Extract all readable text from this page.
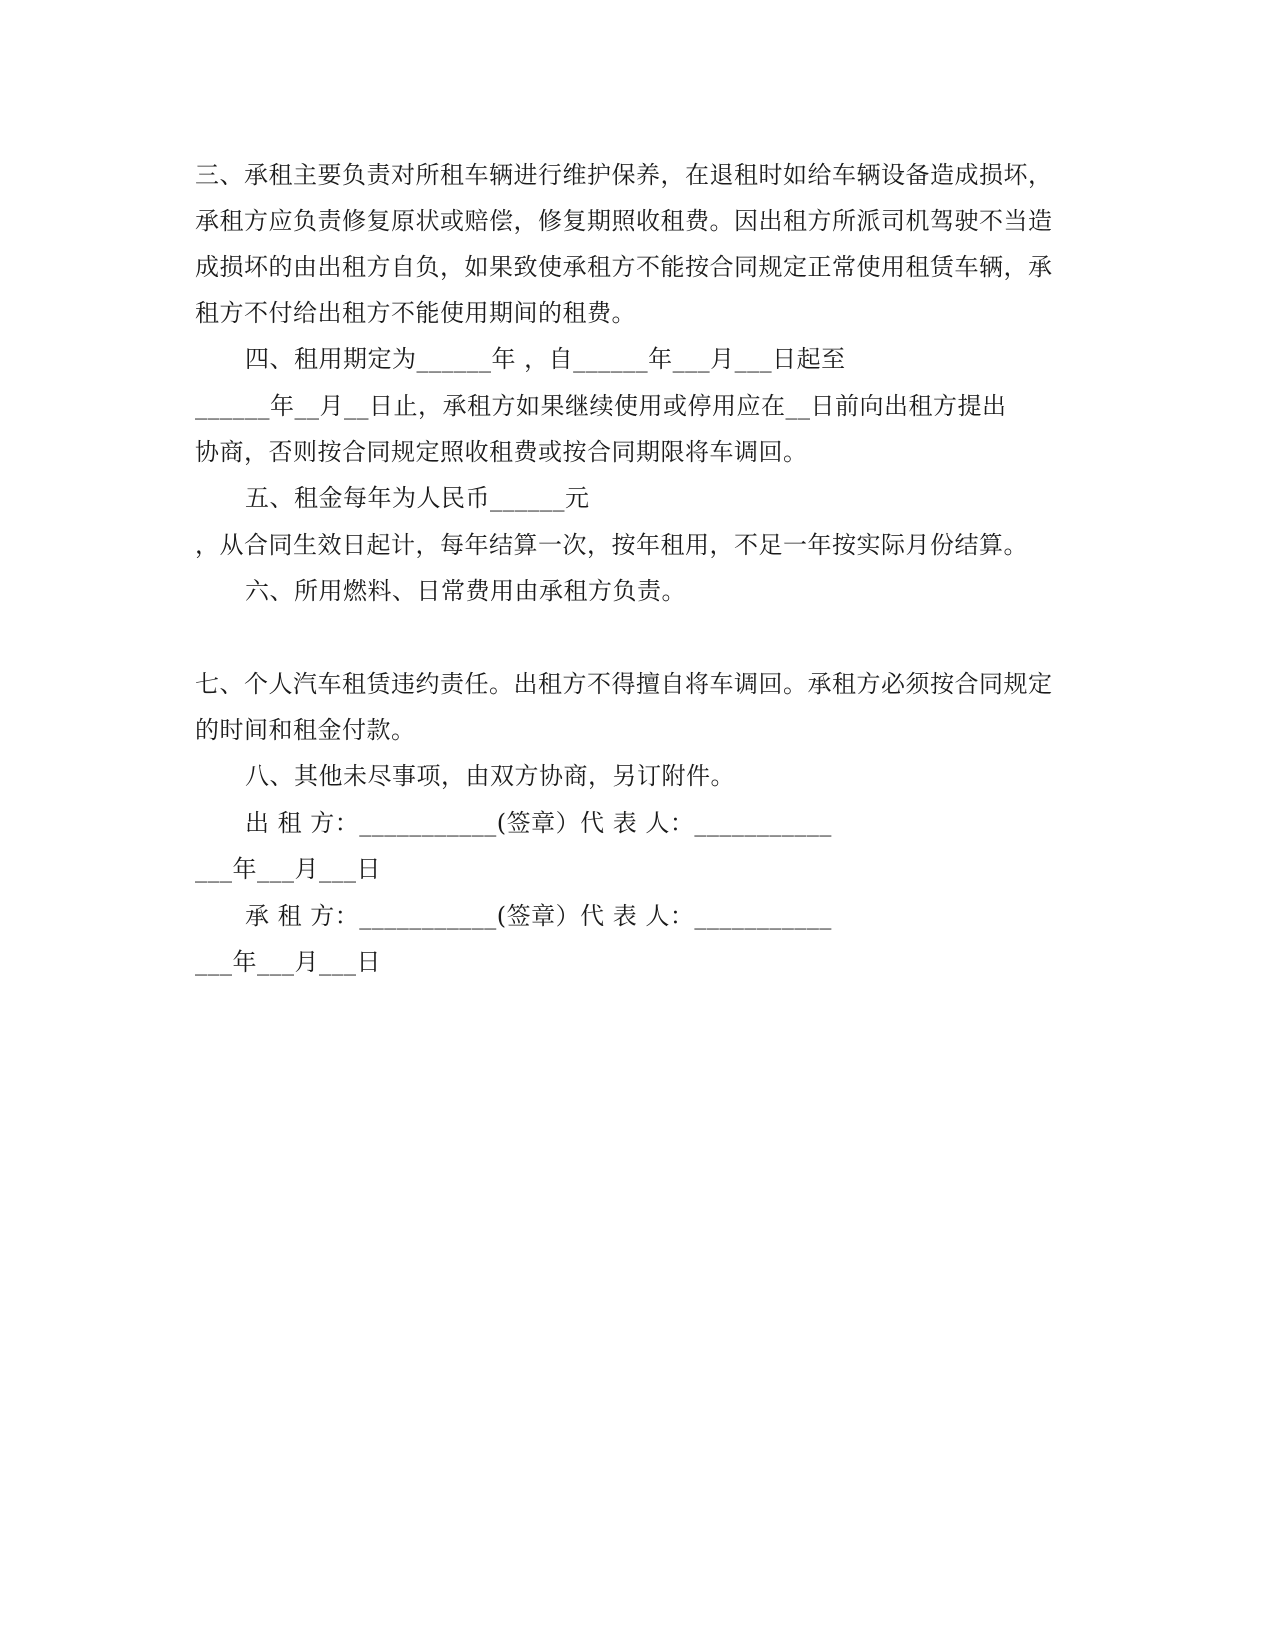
三、承租主要负责对所租车辆进行维护保养，在退租时如给车辆设备造成损坏，
承租方应负责修复原状或赔偿，修复期照收租费。因出租方所派司机驾驶不当造
成损坏的由出租方自负，如果致使承租方不能按合同规定正常使用租赁车辆，承
租方不付给出租方不能使用期间的租费。
四、租用期定为______年 ，自______年___月___日起至
______年__月__日止，承租方如果继续使用或停用应在__日前向出租方提出
协商，否则按合同规定照收租费或按合同期限将车调回。
五、租金每年为人民币______元
，从合同生效日起计，每年结算一次，按年租用，不足一年按实际月份结算。
六、所用燃料、日常费用由承租方负责。
七、个人汽车租赁违约责任。出租方不得擅自将车调回。承租方必须按合同规定
的时间和租金付款。
八、其他未尽事项，由双方协商，另订附件。
出 租 方：___________(签章）代 表 人：___________
___年___月___日
承 租 方：___________(签章）代 表 人：___________
___年___月___日
